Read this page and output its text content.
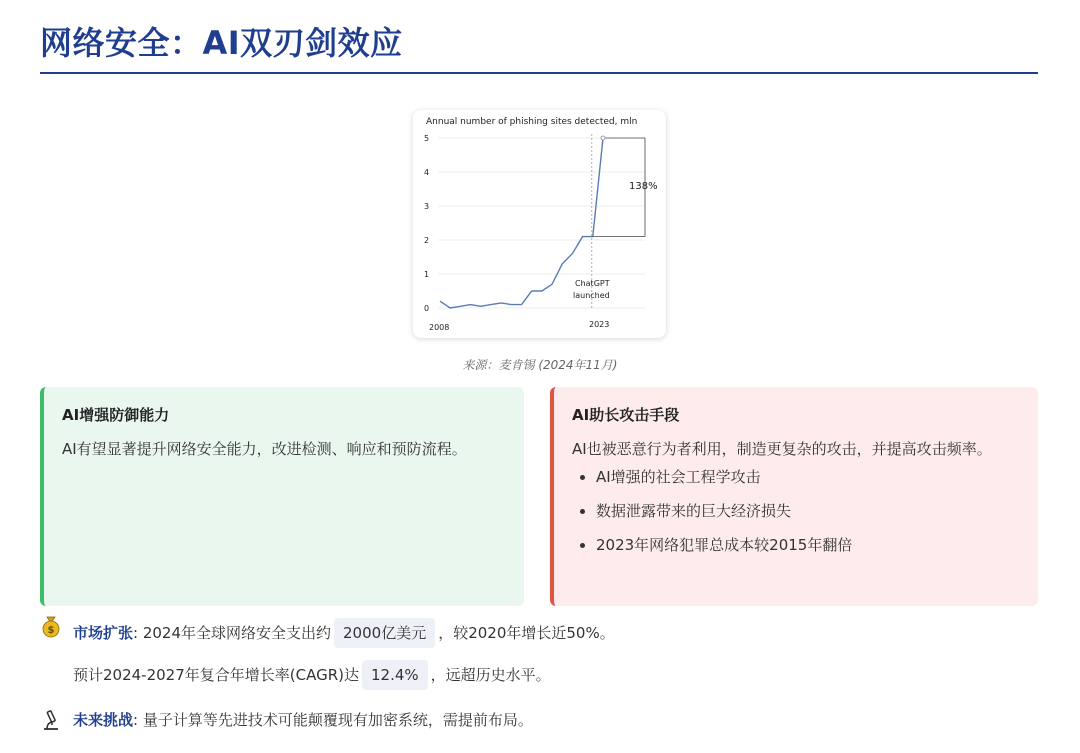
网络安全：AI双刃剑效应
Annual number of phishing sites detected, mln
0
1
2
3
4
5
2008	2023
ChatGPT
launched
138%
来源：麦肯锡 (2024年11月)
AI增强防御能力

AI有望显著提升网络安全能力，改进检测、响应和预防流程。

AI助长攻击手段

AI也被恶意行为者利用，制造更复杂的攻击，并提高攻击频率。

• AI增强的社会工程学攻击
• 数据泄露带来的巨大经济损失
• 2023年网络犯罪总成本较2015年翻倍
$ 市场扩张: 2024年全球网络安全支出约 2000亿美元 ，较2020年增长近50%。
预计2024-2027年复合年增长率(CAGR)达 12.4% ，远超历史水平。
未来挑战: 量子计算等先进技术可能颠覆现有加密系统，需提前布局。
